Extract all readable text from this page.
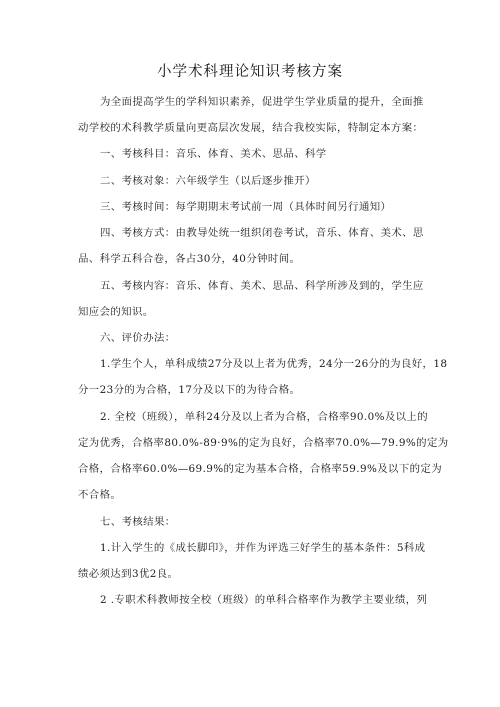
小学术科理论知识考核方案
为全面提高学生的学科知识素养，促进学生学业质量的提升，全面推
动学校的术科教学质量向更高层次发展，结合我校实际，特制定本方案：
一、考核科目：音乐、体育、美术、思品、科学
二、考核对象：六年级学生（以后逐步推开）
三、考核时间：每学期期末考试前一周（具体时间另行通知）
四、考核方式：由教导处统一组织闭卷考试，音乐、体育、美术、思
品、科学五科合卷，各占30分，40分钟时间。
五、考核内容：音乐、体育、美术、思品、科学所涉及到的，学生应
知应会的知识。
六、评价办法：
1.学生个人，单科成绩27分及以上者为优秀，24分一26分的为良好，18
分一23分的为合格，17分及以下的为待合格。
2. 全校（班级），单科24分及以上者为合格，合格率90.0%及以上的
定为优秀，合格率80.0%-89·9%的定为良好，合格率70.0%—79.9%的定为
合格，合格率60.0%—69.9%的定为基本合格，合格率59.9%及以下的定为
不合格。
七、考核结果：
1.计入学生的《成长脚印》，并作为评选三好学生的基本条件：5科成
绩必须达到3优2良。
2 .专职术科教师按全校（班级）的单科合格率作为教学主要业绩，列
